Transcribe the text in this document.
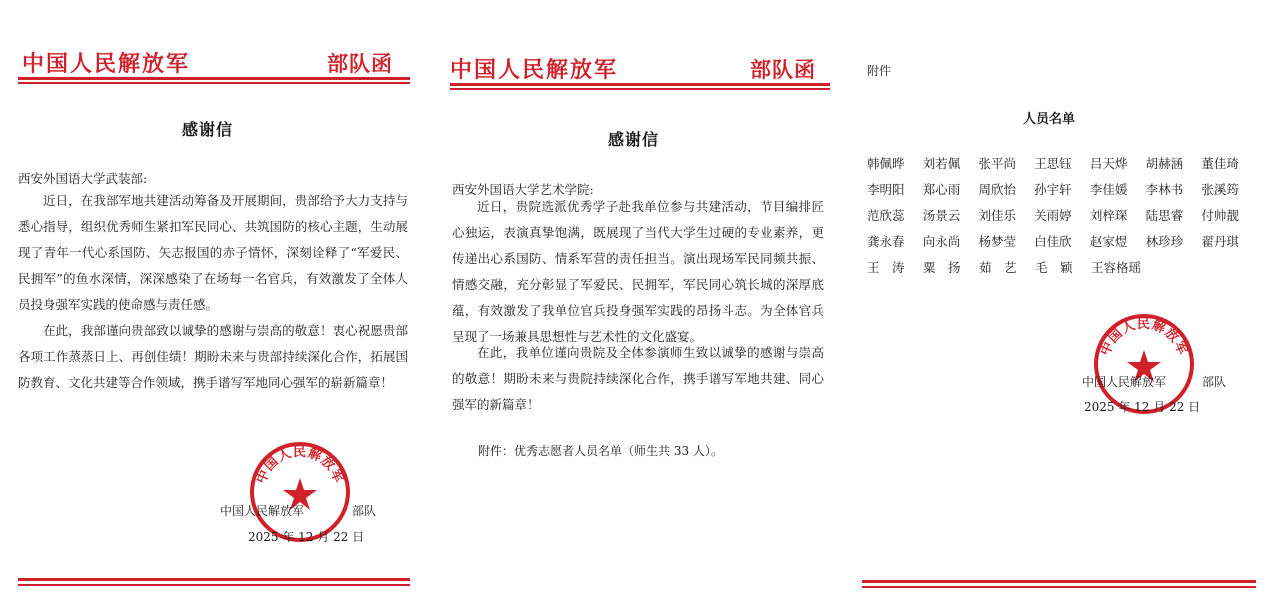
中国人民解放军	部队函
感谢信
西安外国语大学武装部:

近日，在我部军地共建活动筹备及开展期间，贵部给予大力支持与悉心指导，组织优秀师生紧扣军民同心、共筑国防的核心主题，生动展现了青年一代心系国防、矢志报国的赤子情怀，深刻诠释了“军爱民、民拥军”的鱼水深情，深深感染了在场每一名官兵，有效激发了全体人员投身强军实践的使命感与责任感。

在此，我部谨向贵部致以诚挚的感谢与崇高的敬意！衷心祝愿贵部各项工作蒸蒸日上、再创佳绩！期盼未来与贵部持续深化合作，拓展国防教育、文化共建等合作领域，携手谱写军地同心强军的崭新篇章！

中国人民解放军
中国人民解放军　　　　部队
2025 年 12 月 22 日
中国人民解放军	部队函
感谢信
西安外国语大学艺术学院:

近日，贵院选派优秀学子赴我单位参与共建活动，节目编排匠心独运，表演真挚饱满，既展现了当代大学生过硬的专业素养，更传递出心系国防、情系军营的责任担当。演出现场军民同频共振、情感交融，充分彰显了军爱民、民拥军，军民同心筑长城的深厚底蕴，有效激发了我单位官兵投身强军实践的昂扬斗志。为全体官兵呈现了一场兼具思想性与艺术性的文化盛宴。

在此，我单位谨向贵院及全体参演师生致以诚挚的感谢与崇高的敬意！期盼未来与贵院持续深化合作，携手谱写军地共建、同心强军的新篇章！

附件：优秀志愿者人员名单（师生共 33 人）。
附件
人员名单
韩佩晔	刘若佩	张平尚	王思钰	吕天烨	胡赫涵	董佳琦
李明阳	郑心雨	周欣怡	孙宇轩	李佳媛	李林书	张溪筠
范欣蕊	汤景云	刘佳乐	关雨婷	刘梓琛	陆思睿	付帅靓
龚永春	向永尚	杨梦莹	白佳欣	赵家煜	林珍珍	翟丹琪
王　涛	粟　扬	茹　艺	毛　颖	王容格瑶
中国人民解放军
中国人民解放军　　　部队
2025 年 12 月 22 日
